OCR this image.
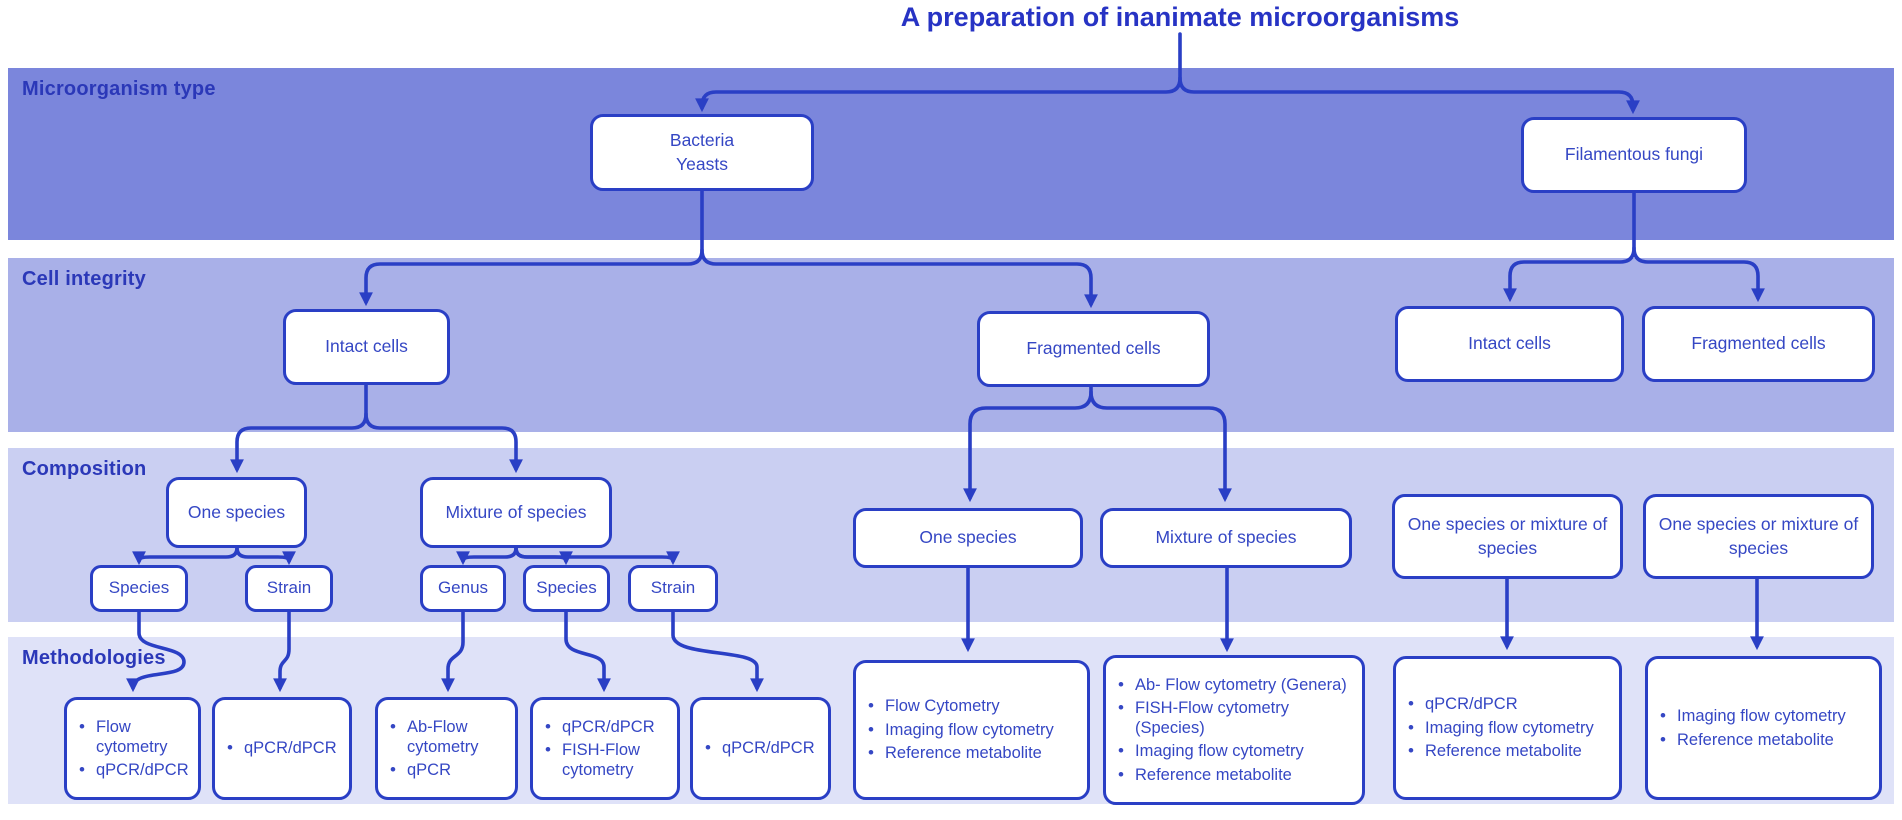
Microorganism type
Cell integrity
Composition
Methodologies
A preparation of inanimate microorganisms
Bacteria
Yeasts	Filamentous fungi
Intact cells	Fragmented cells	Intact cells	Fragmented cells
One species	Mixture of species
Species	Strain	Genus	Species	Strain
One species	Mixture of species
One species or mixture of species
One species or mixture of species
•
Flow cytometry
•
qPCR/dPCR
•
qPCR/dPCR
•
Ab-Flow cytometry
•
qPCR
•
qPCR/dPCR
•
FISH-Flow cytometry
•
qPCR/dPCR
•
Flow Cytometry
•
Imaging flow cytometry
•
Reference metabolite
•
Ab- Flow cytometry (Genera)
•
FISH-Flow cytometry (Species)
•
Imaging flow cytometry
•
Reference metabolite
•
qPCR/dPCR
•
Imaging flow cytometry
•
Reference metabolite
•
Imaging flow cytometry
•
Reference metabolite
